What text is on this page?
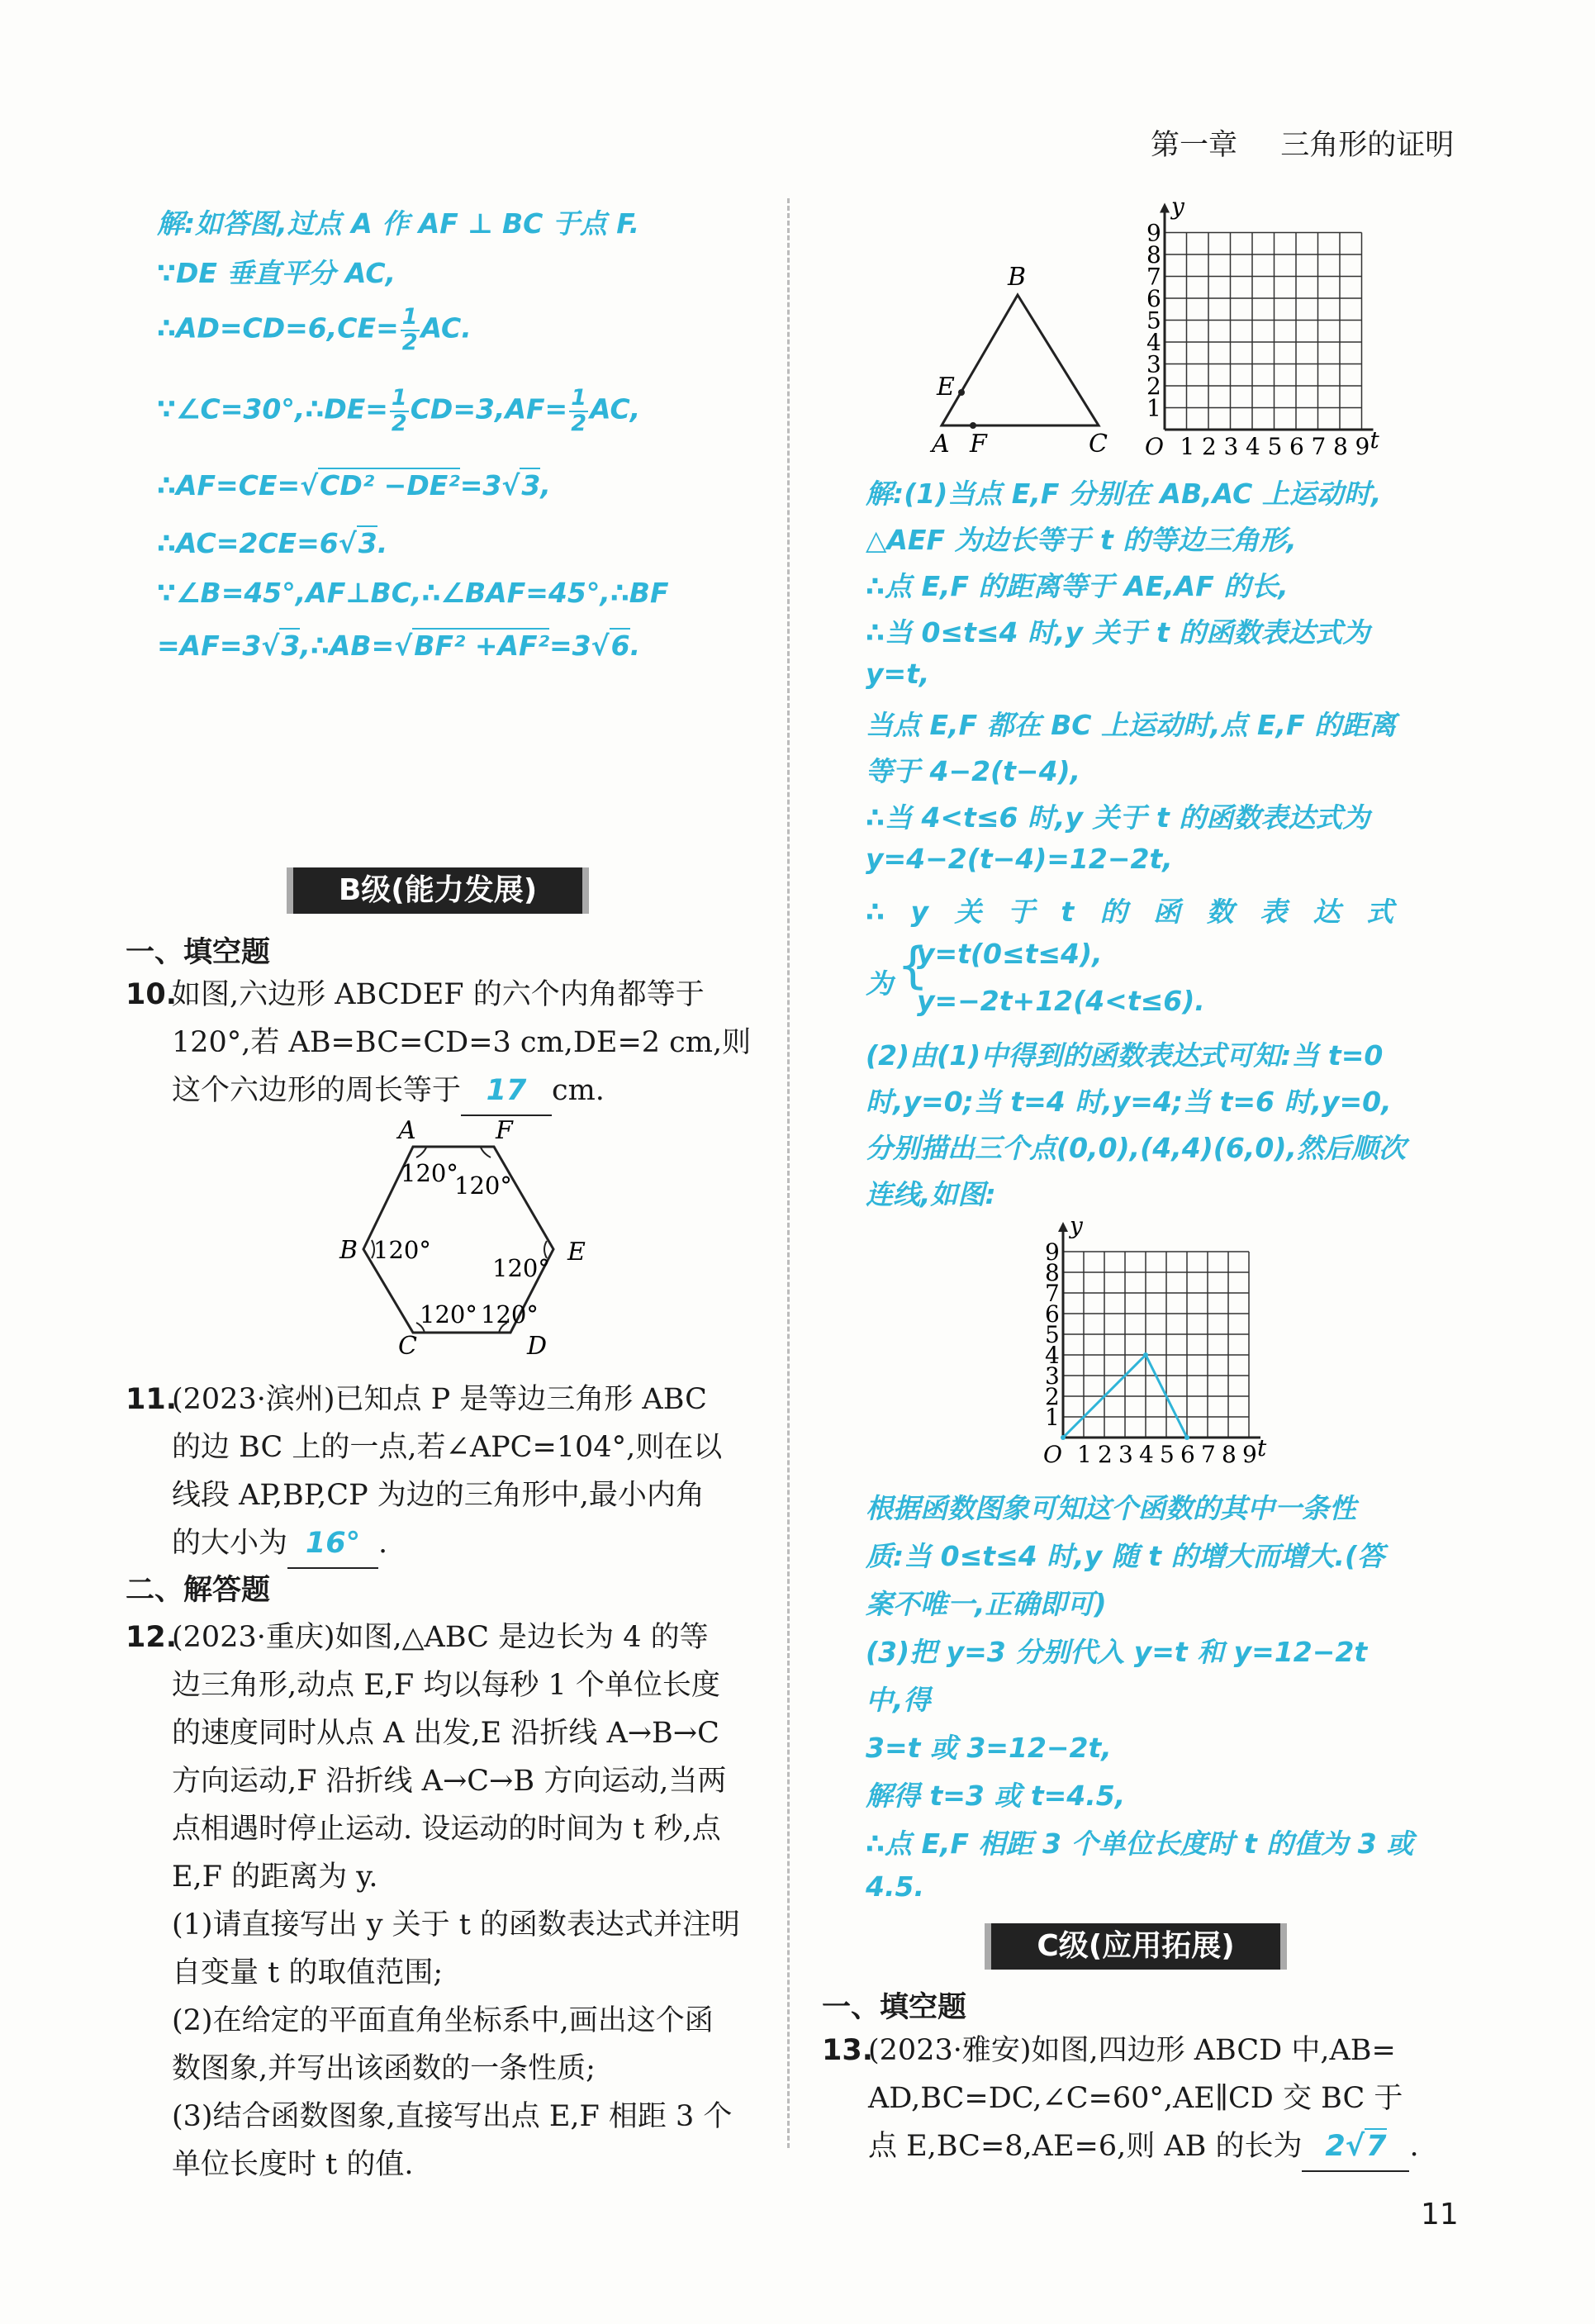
第一章 三角形的证明
解:如答图,过点 A 作 AF ⊥ BC 于点 F.
∵DE 垂直平分 AC,
∴AD=CD=6,CE= $\frac{1}{2}$ AC.
∵∠C=30°,∴DE= $\frac{1}{2} CD=3,AF= \frac{1}{2}$ AC,
∴AF=CE=√CD² −DE²=3√3,
∴AC=2CE=6√3.
∵∠B=45°,AF⊥BC,∴∠BAF=45°,∴BF
=AF=3√3,∴AB=√BF² +AF²=3√6.
B级(能力发展)
一、填空题
10.
如图,六边形 ABCDEF 的六个内角都等于
120°,若 AB=BC=CD=3 cm,DE=2 cm,则
这个六边形的周长等于 17 cm.
A	F
B	E
C	D
120°
120°
120°
120°
120° 120°
11.
(2023·滨州)已知点 P 是等边三角形 ABC
的边 BC 上的一点,若∠APC=104°,则在以
线段 AP,BP,CP 为边的三角形中,最小内角
的大小为 16° .
二、解答题
12.
(2023·重庆)如图,△ABC 是边长为 4 的等
边三角形,动点 E,F 均以每秒 1 个单位长度
的速度同时从点 A 出发,E 沿折线 A→B→C
方向运动,F 沿折线 A→C→B 方向运动,当两
点相遇时停止运动. 设运动的时间为 t 秒,点
E,F 的距离为 y.
(1)请直接写出 y 关于 t 的函数表达式并注明
自变量 t 的取值范围;
(2)在给定的平面直角坐标系中,画出这个函
数图象,并写出该函数的一条性质;
(3)结合函数图象,直接写出点 E,F 相距 3 个
单位长度时 t 的值.
B
E
A F	C	1
1
2
2
3
3
4
4
5
5
6
6
7
7
8
8
9
9
O
y
t
解:(1)当点 E,F 分别在 AB,AC 上运动时,
△AEF 为边长等于 t 的等边三角形,
∴点 E,F 的距离等于 AE,AF 的长,
∴当 0≤t≤4 时,y 关于 t 的函数表达式为
y=t,
当点 E,F 都在 BC 上运动时,点 E,F 的距离
等于 4−2(t−4),
∴当 4<t≤6 时,y 关于 t 的函数表达式为
y=4−2(t−4)=12−2t,
∴ y 关 于 t 的 函 数 表 达 式
为 {
y=t(0≤t≤4),
y=−2t+12(4<t≤6).
(2)由(1)中得到的函数表达式可知:当 t=0
时,y=0;当 t=4 时,y=4;当 t=6 时,y=0,
分别描出三个点(0,0),(4,4)(6,0),然后顺次
连线,如图:
1
1
2
2
3
3
4
4
5
5
6
6
7
7
8
8
9
9
O
y
t
根据函数图象可知这个函数的其中一条性
质:当 0≤t≤4 时,y 随 t 的增大而增大.(答
案不唯一,正确即可)
(3)把 y=3 分别代入 y=t 和 y=12−2t
中,得
3=t 或 3=12−2t,
解得 t=3 或 t=4.5,
∴点 E,F 相距 3 个单位长度时 t 的值为 3 或
4.5.
C级(应用拓展)
一、填空题
13.
(2023·雅安)如图,四边形 ABCD 中,AB=
AD,BC=DC,∠C=60°,AE∥CD 交 BC 于
点 E,BC=8,AE=6,则 AB 的长为 2√7 .
11
